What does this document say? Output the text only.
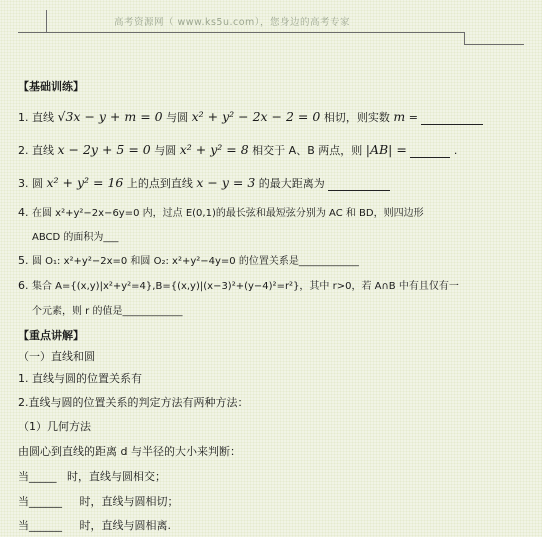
高考资源网（ www.ks5u.com），您身边的高考专家
【基础训练】
1. 直线 √3x − y + m = 0 与圆 x² + y² − 2x − 2 = 0 相切，则实数 m =
2. 直线 x − 2y + 5 = 0 与圆 x² + y² = 8 相交于 A、B 两点，则 |AB| =	.
3. 圆 x² + y² = 16 上的点到直线 x − y = 3 的最大距离为
4. 在圆 x²+y²−2x−6y=0 内，过点 E(0,1)的最长弦和最短弦分别为 AC 和 BD，则四边形
ABCD 的面积为___
5. 圆 O₁: x²+y²−2x=0 和圆 O₂: x²+y²−4y=0 的位置关系是____________
6. 集合 A={(x,y)|x²+y²=4},B={(x,y)|(x−3)²+(y−4)²=r²}，其中 r>0，若 A∩B 中有且仅有一
个元素，则 r 的值是____________
【重点讲解】
（一）直线和圆
1. 直线与圆的位置关系有
2.直线与圆的位置关系的判定方法有两种方法：
（1）几何方法
由圆心到直线的距离 d 与半径的大小来判断：
当_____ 时，直线与圆相交；
当______ 时，直线与圆相切；
当______ 时，直线与圆相离.
